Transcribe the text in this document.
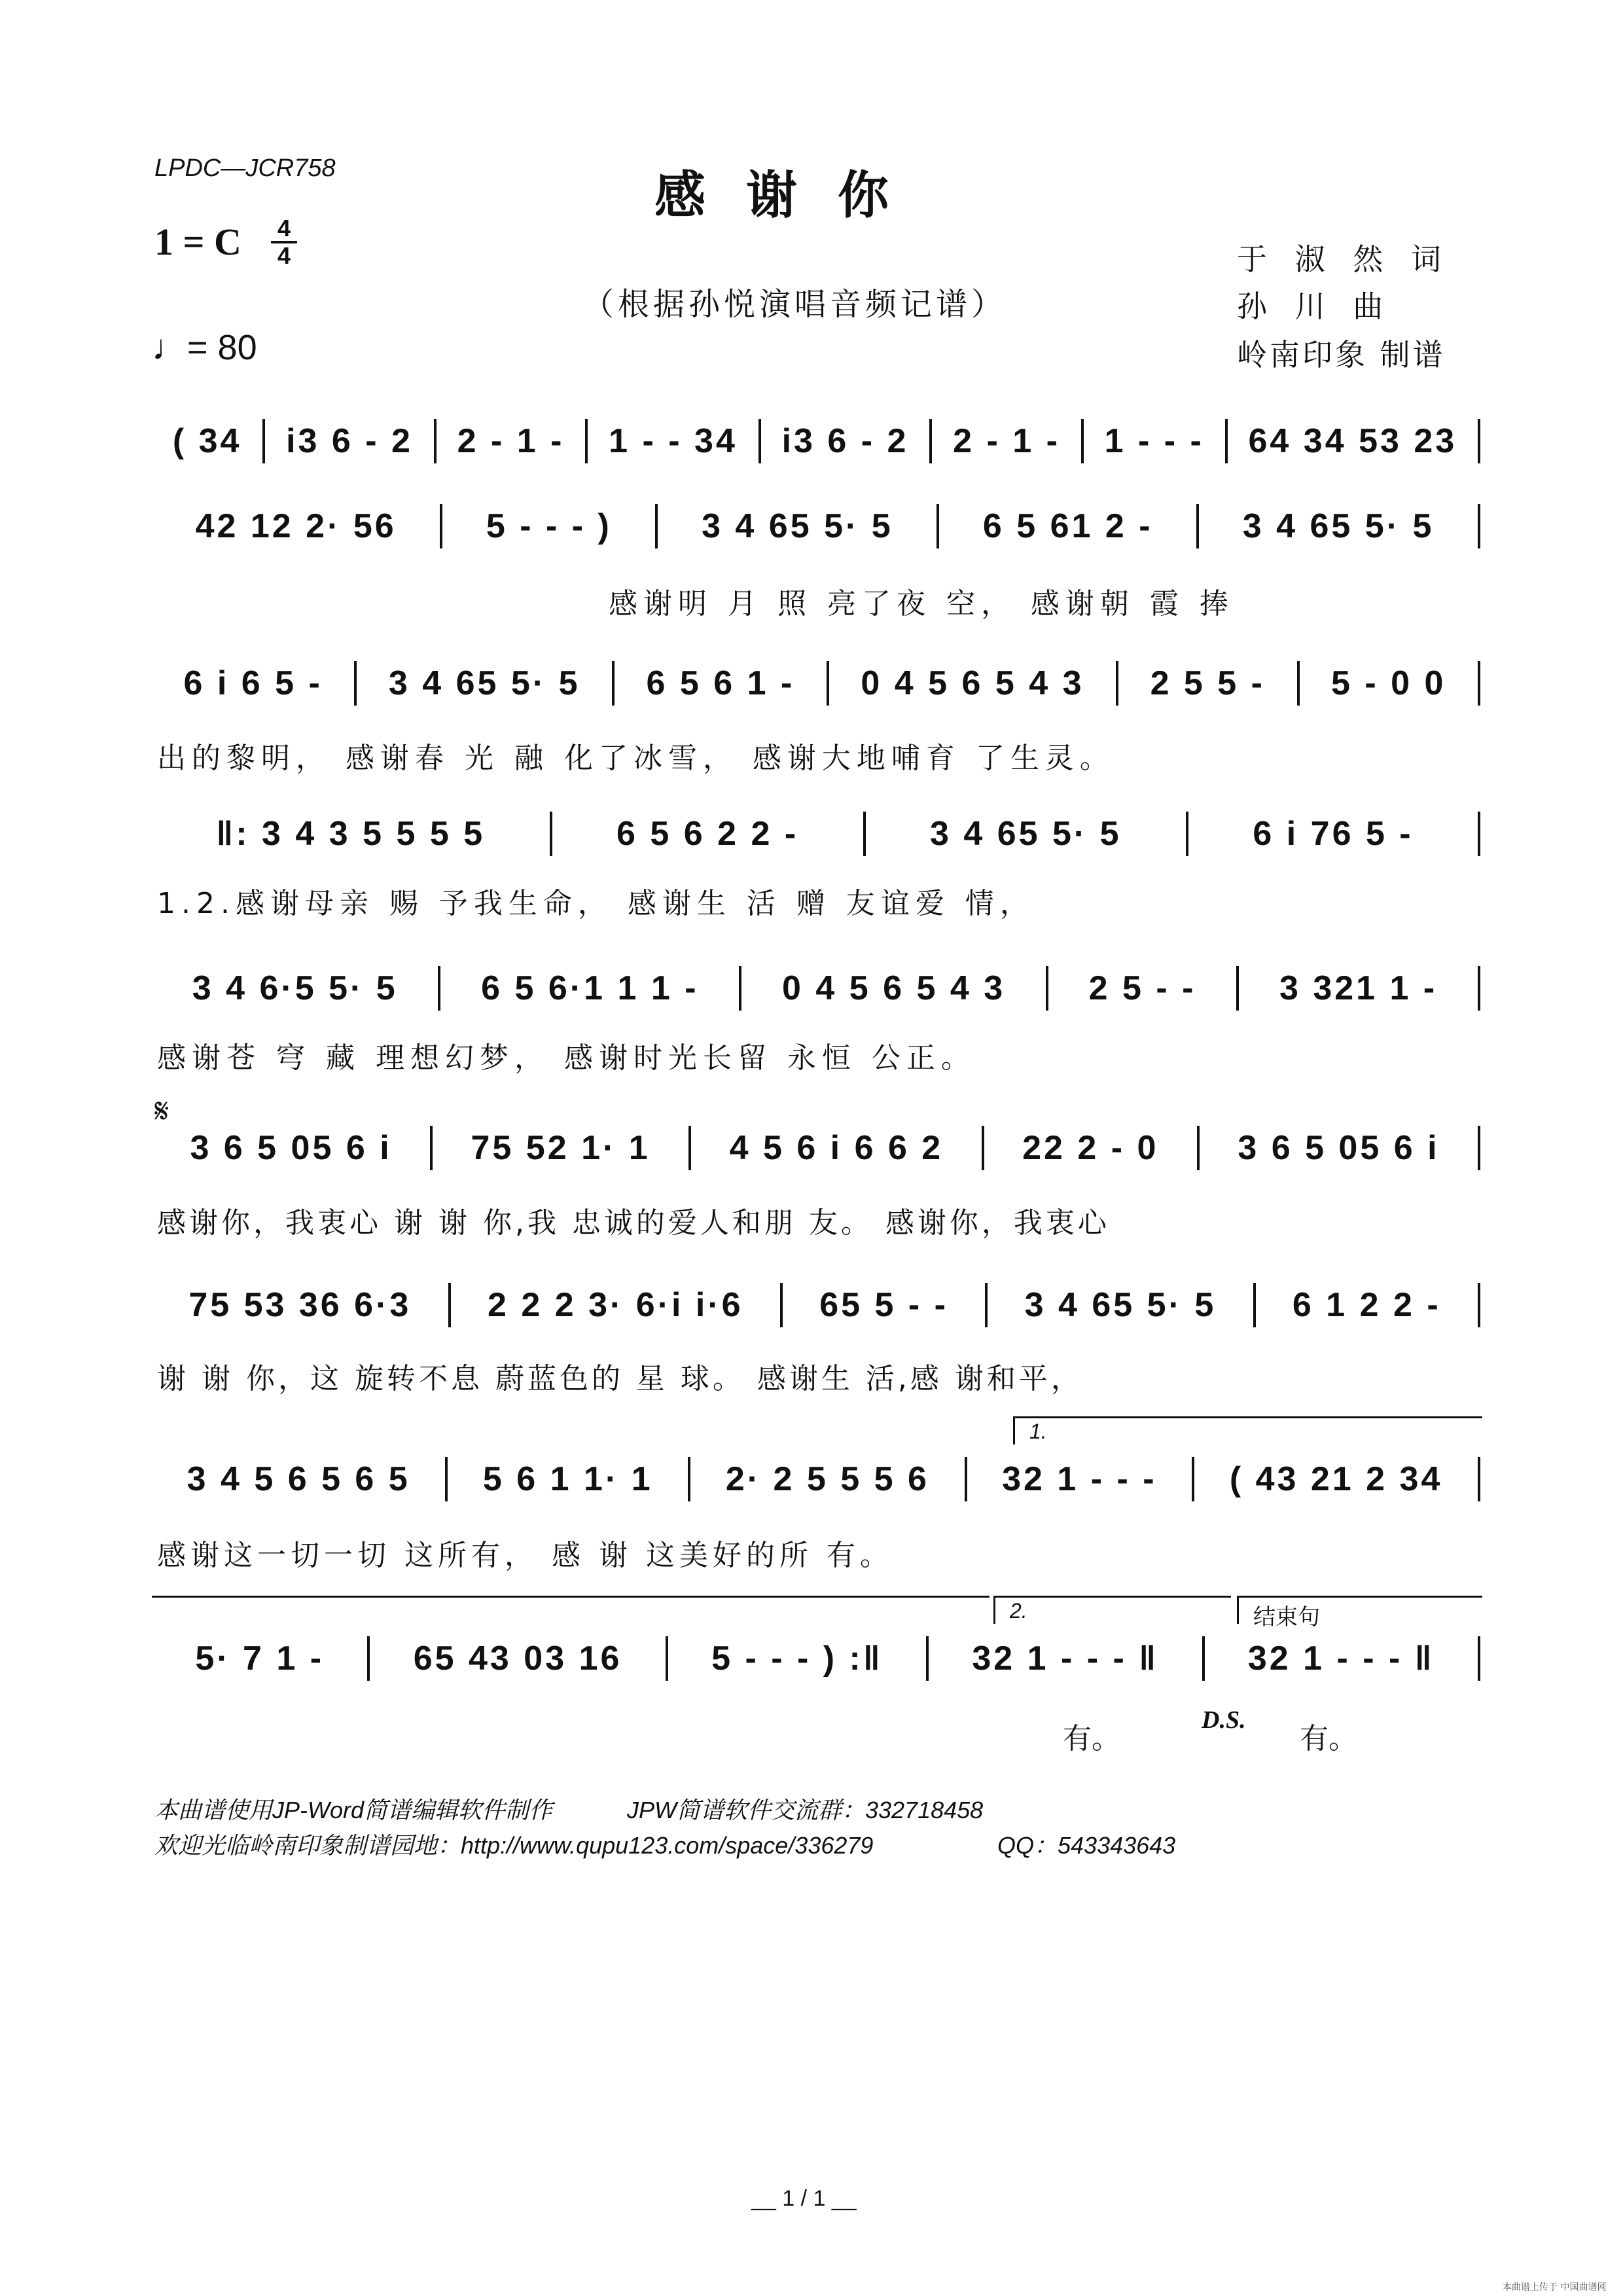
LPDC—JCR758	感谢你
1 = C 4
4
（根据孙悦演唱音频记谱）
♩= 80
于 淑 然 词
孙 川 曲
岭南印象 制谱
( 34	i3 6 - 2	2 - 1 -	1 - - 34	i3 6 - 2	2 - 1 -	1 - - -	64 34 53 23
42 12 2· 56	5 - - - )	3 4 65 5· 5	6 5 61 2 -	3 4 65 5· 5
感谢明 月 照 亮了夜 空， 感谢朝 霞 捧
6 i 6 5 -	3 4 65 5· 5	6 5 6 1 -	0 4 5 6 5 4 3	2 5 5 -	5 - 0 0
出的黎明， 感谢春 光 融 化了冰雪， 感谢大地哺育 了生灵。
‖: 3 4 3 5 5 5 5	6 5 6 2 2 -	3 4 65 5· 5	6 i 76 5 -
1.2.感谢母亲 赐 予我生命， 感谢生 活 赠 友谊爱 情，
3 4 6·5 5· 5	6 5 6·1 1 1 -	0 4 5 6 5 4 3	2 5 - -	3 321 1 -
感谢苍 穹 藏 理想幻梦， 感谢时光长留 永恒 公正。
𝄋
3 6 5 05 6 i	75 52 1· 1	4 5 6 i 6 6 2	22 2 - 0	3 6 5 05 6 i
感谢你，我衷心 谢 谢 你,我 忠诚的爱人和朋 友。 感谢你，我衷心
75 53 36 6·3	2 2 2 3· 6·i i·6	65 5 - -	3 4 65 5· 5	6 1 2 2 -
谢 谢 你，这 旋转不息 蔚蓝色的 星 球。 感谢生 活,感 谢和平，
1.
3 4 5 6 5 6 5	5 6 1 1· 1	2· 2 5 5 5 6	32 1 - - -	( 43 21 2 34
感谢这一切一切 这所有， 感 谢 这美好的所 有。
2.	结束句
5· 7 1 -	65 43 03 16	5 - - - ) :‖	32 1 - - - ‖	32 1 - - - ‖
有。
D.S.
有。
本曲谱使用JP-Word简谱编辑软件制作	JPW简谱软件交流群：332718458
欢迎光临岭南印象制谱园地：http://www.qupu123.com/space/336279	QQ：543343643
__ 1 / 1 __
本曲谱上传于 中国曲谱网
